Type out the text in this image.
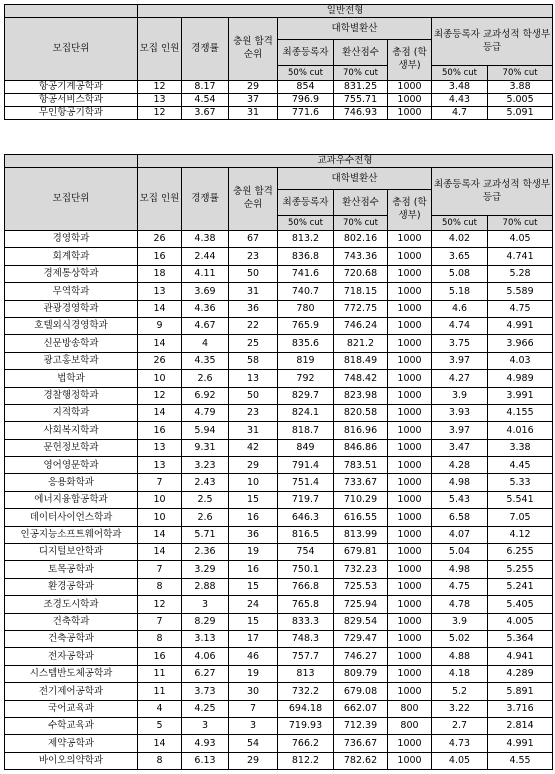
	일반전형							
모집단위	모집 인원	경쟁률	충원 합격 순위	대학별환산			최종등록자 교과성적 학생부등급	
				최종등록자	환산점수	총점 (학생부)		
				50% cut	70% cut		50% cut	70% cut
항공기계공학과	12	8.17	29	854	831.25	1000	3.48	3.88
항공서비스학과	13	4.54	37	796.9	755.71	1000	4.43	5.005
무인항공기학과	12	3.67	31	771.6	746.93	1000	4.7	5.091
	교과우수전형							
모집단위	모집 인원	경쟁률	충원 합격 순위	대학별환산			최종등록자 교과성적 학생부등급	
				최종등록자	환산점수	총점 (학생부)		
				50% cut	70% cut		50% cut	70% cut
경영학과	26	4.38	67	813.2	802.16	1000	4.02	4.05
회계학과	16	2.44	23	836.8	743.36	1000	3.65	4.741
경제통상학과	18	4.11	50	741.6	720.68	1000	5.08	5.28
무역학과	13	3.69	31	740.7	718.15	1000	5.18	5.589
관광경영학과	14	4.36	36	780	772.75	1000	4.6	4.75
호텔외식경영학과	9	4.67	22	765.9	746.24	1000	4.74	4.991
신문방송학과	14	4	25	835.6	821.2	1000	3.75	3.966
광고홍보학과	26	4.35	58	819	818.49	1000	3.97	4.03
법학과	10	2.6	13	792	748.42	1000	4.27	4.989
경찰행정학과	12	6.92	50	829.7	823.98	1000	3.9	3.991
지적학과	14	4.79	23	824.1	820.58	1000	3.93	4.155
사회복지학과	16	5.94	31	818.7	816.96	1000	3.97	4.016
문헌정보학과	13	9.31	42	849	846.86	1000	3.47	3.38
영어영문학과	13	3.23	29	791.4	783.51	1000	4.28	4.45
응용화학과	7	2.43	10	751.4	733.67	1000	4.98	5.33
에너지융합공학과	10	2.5	15	719.7	710.29	1000	5.43	5.541
데이터사이언스학과	10	2.6	16	646.3	616.55	1000	6.58	7.05
인공지능소프트웨어학과	14	5.71	36	816.5	813.99	1000	4.07	4.12
디지털보안학과	14	2.36	19	754	679.81	1000	5.04	6.255
토목공학과	7	3.29	16	750.1	732.23	1000	4.98	5.255
환경공학과	8	2.88	15	766.8	725.53	1000	4.75	5.241
조경도시학과	12	3	24	765.8	725.94	1000	4.78	5.405
건축학과	7	8.29	15	833.3	829.54	1000	3.9	4.005
건축공학과	8	3.13	17	748.3	729.47	1000	5.02	5.364
전자공학과	16	4.06	46	757.7	746.27	1000	4.88	4.941
시스템반도체공학과	11	6.27	19	813	809.79	1000	4.18	4.289
전기제어공학과	11	3.73	30	732.2	679.08	1000	5.2	5.891
국어교육과	4	4.25	7	694.18	662.07	800	3.22	3.716
수학교육과	5	3	3	719.93	712.39	800	2.7	2.814
제약공학과	14	4.93	54	766.2	736.67	1000	4.73	4.991
바이오의약학과	8	6.13	29	812.2	782.62	1000	4.05	4.55
